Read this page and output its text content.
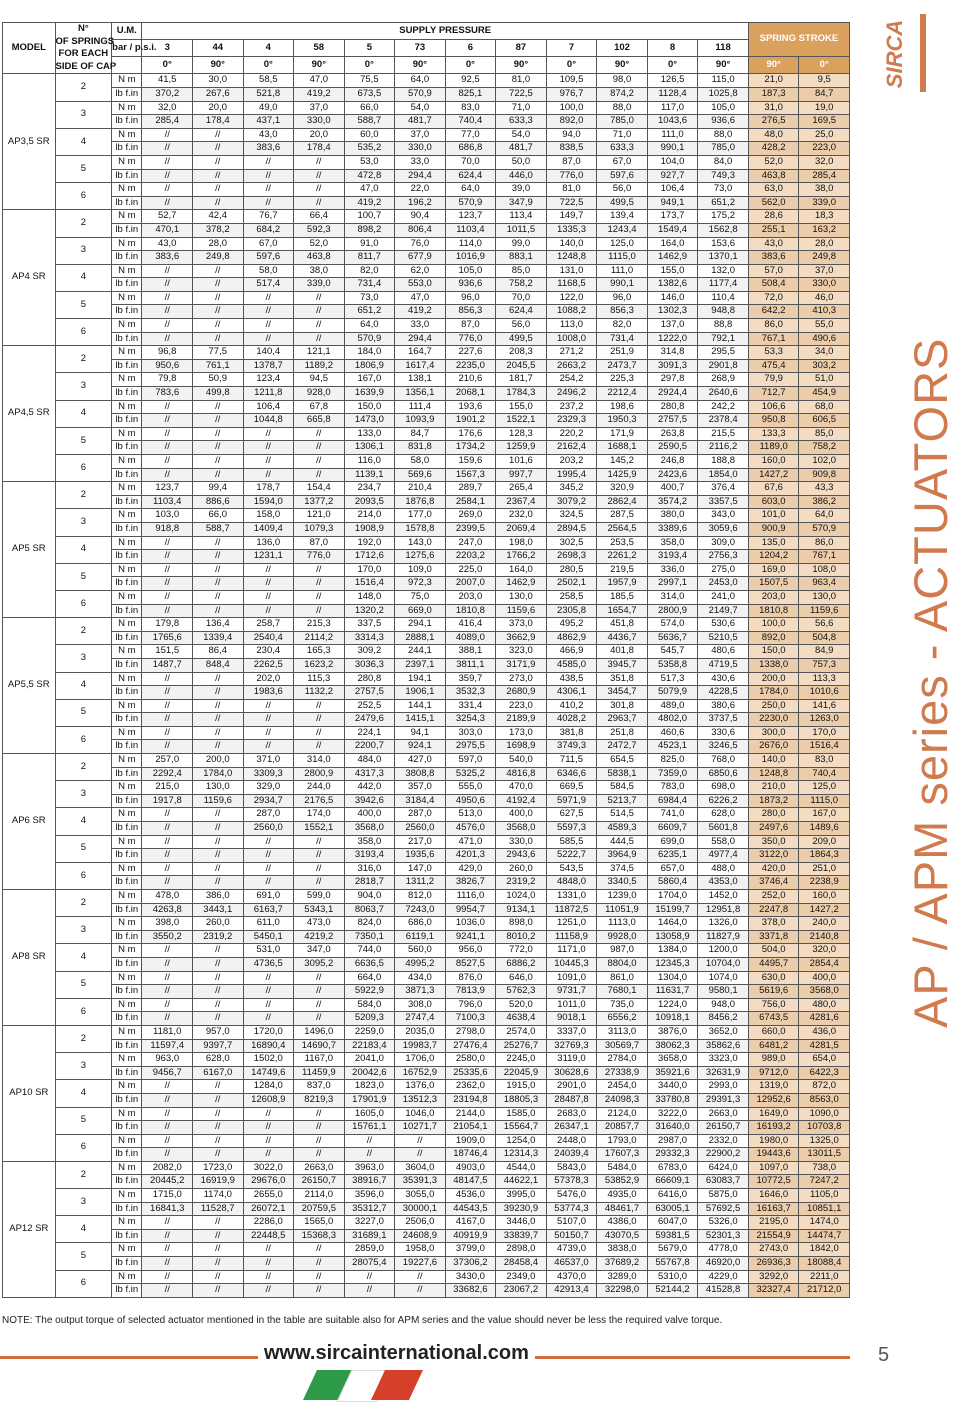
MODEL	N°
OF SPRINGS
FOR EACH
SIDE OF CAP	U.M.	SUPPLY PRESSURE												SPRING STROKE	
		bar / p.s.i.	3	44	4	58	5	73	6	87	7	102	8	118		
			0°	90°	0°	90°	0°	90°	0°	90°	0°	90°	0°	90°	90°	0°
AP3,5 SR	2	N m	41,5	30,0	58,5	47,0	75,5	64,0	92,5	81,0	109,5	98,0	126,5	115,0	21,0	9,5
		lb f.in	370,2	267,6	521,8	419,2	673,5	570,9	825,1	722,5	976,7	874,2	1128,4	1025,8	187,3	84,7
	3	N m	32,0	20,0	49,0	37,0	66,0	54,0	83,0	71,0	100,0	88,0	117,0	105,0	31,0	19,0
		lb f.in	285,4	178,4	437,1	330,0	588,7	481,7	740,4	633,3	892,0	785,0	1043,6	936,6	276,5	169,5
	4	N m	//	//	43,0	20,0	60,0	37,0	77,0	54,0	94,0	71,0	111,0	88,0	48,0	25,0
		lb f.in	//	//	383,6	178,4	535,2	330,0	686,8	481,7	838,5	633,3	990,1	785,0	428,2	223,0
	5	N m	//	//	//	//	53,0	33,0	70,0	50,0	87,0	67,0	104,0	84,0	52,0	32,0
		lb f.in	//	//	//	//	472,8	294,4	624,4	446,0	776,0	597,6	927,7	749,3	463,8	285,4
	6	N m	//	//	//	//	47,0	22,0	64,0	39,0	81,0	56,0	106,4	73,0	63,0	38,0
		lb f.in	//	//	//	//	419,2	196,2	570,9	347,9	722,5	499,5	949,1	651,2	562,0	339,0
AP4 SR	2	N m	52,7	42,4	76,7	66,4	100,7	90,4	123,7	113,4	149,7	139,4	173,7	175,2	28,6	18,3
		lb f.in	470,1	378,2	684,2	592,3	898,2	806,4	1103,4	1011,5	1335,3	1243,4	1549,4	1562,8	255,1	163,2
	3	N m	43,0	28,0	67,0	52,0	91,0	76,0	114,0	99,0	140,0	125,0	164,0	153,6	43,0	28,0
		lb f.in	383,6	249,8	597,6	463,8	811,7	677,9	1016,9	883,1	1248,8	1115,0	1462,9	1370,1	383,6	249,8
	4	N m	//	//	58,0	38,0	82,0	62,0	105,0	85,0	131,0	111,0	155,0	132,0	57,0	37,0
		lb f.in	//	//	517,4	339,0	731,4	553,0	936,6	758,2	1168,5	990,1	1382,6	1177,4	508,4	330,0
	5	N m	//	//	//	//	73,0	47,0	96,0	70,0	122,0	96,0	146,0	110,4	72,0	46,0
		lb f.in	//	//	//	//	651,2	419,2	856,3	624,4	1088,2	856,3	1302,3	948,8	642,2	410,3
	6	N m	//	//	//	//	64,0	33,0	87,0	56,0	113,0	82,0	137,0	88,8	86,0	55,0
		lb f.in	//	//	//	//	570,9	294,4	776,0	499,5	1008,0	731,4	1222,0	792,1	767,1	490,6
AP4,5 SR	2	N m	96,8	77,5	140,4	121,1	184,0	164,7	227,6	208,3	271,2	251,9	314,8	295,5	53,3	34,0
		lb f.in	950,6	761,1	1378,7	1189,2	1806,9	1617,4	2235,0	2045,5	2663,2	2473,7	3091,3	2901,8	475,4	303,2
	3	N m	79,8	50,9	123,4	94,5	167,0	138,1	210,6	181,7	254,2	225,3	297,8	268,9	79,9	51,0
		lb f.in	783,6	499,8	1211,8	928,0	1639,9	1356,1	2068,1	1784,3	2496,2	2212,4	2924,4	2640,6	712,7	454,9
	4	N m	//	//	106,4	67,8	150,0	111,4	193,6	155,0	237,2	198,6	280,8	242,2	106,6	68,0
		lb f.in	//	//	1044,8	665,8	1473,0	1093,9	1901,2	1522,1	2329,3	1950,3	2757,5	2378,4	950,8	606,5
	5	N m	//	//	//	//	133,0	84,7	176,6	128,3	220,2	171,9	263,8	215,5	133,3	85,0
		lb f.in	//	//	//	//	1306,1	831,8	1734,2	1259,9	2162,4	1688,1	2590,5	2116,2	1189,0	758,2
	6	N m	//	//	//	//	116,0	58,0	159,6	101,6	203,2	145,2	246,8	188,8	160,0	102,0
		lb f.in	//	//	//	//	1139,1	569,6	1567,3	997,7	1995,4	1425,9	2423,6	1854,0	1427,2	909,8
AP5 SR	2	N m	123,7	99,4	178,7	154,4	234,7	210,4	289,7	265,4	345,2	320,9	400,7	376,4	67,6	43,3
		lb f.in	1103,4	886,6	1594,0	1377,2	2093,5	1876,8	2584,1	2367,4	3079,2	2862,4	3574,2	3357,5	603,0	386,2
	3	N m	103,0	66,0	158,0	121,0	214,0	177,0	269,0	232,0	324,5	287,5	380,0	343,0	101,0	64,0
		lb f.in	918,8	588,7	1409,4	1079,3	1908,9	1578,8	2399,5	2069,4	2894,5	2564,5	3389,6	3059,6	900,9	570,9
	4	N m	//	//	136,0	87,0	192,0	143,0	247,0	198,0	302,5	253,5	358,0	309,0	135,0	86,0
		lb f.in	//	//	1231,1	776,0	1712,6	1275,6	2203,2	1766,2	2698,3	2261,2	3193,4	2756,3	1204,2	767,1
	5	N m	//	//	//	//	170,0	109,0	225,0	164,0	280,5	219,5	336,0	275,0	169,0	108,0
		lb f.in	//	//	//	//	1516,4	972,3	2007,0	1462,9	2502,1	1957,9	2997,1	2453,0	1507,5	963,4
	6	N m	//	//	//	//	148,0	75,0	203,0	130,0	258,5	185,5	314,0	241,0	203,0	130,0
		lb f.in	//	//	//	//	1320,2	669,0	1810,8	1159,6	2305,8	1654,7	2800,9	2149,7	1810,8	1159,6
AP5,5 SR	2	N m	179,8	136,4	258,7	215,3	337,5	294,1	416,4	373,0	495,2	451,8	574,0	530,6	100,0	56,6
		lb f.in	1765,6	1339,4	2540,4	2114,2	3314,3	2888,1	4089,0	3662,9	4862,9	4436,7	5636,7	5210,5	892,0	504,8
	3	N m	151,5	86,4	230,4	165,3	309,2	244,1	388,1	323,0	466,9	401,8	545,7	480,6	150,0	84,9
		lb f.in	1487,7	848,4	2262,5	1623,2	3036,3	2397,1	3811,1	3171,9	4585,0	3945,7	5358,8	4719,5	1338,0	757,3
	4	N m	//	//	202,0	115,3	280,8	194,1	359,7	273,0	438,5	351,8	517,3	430,6	200,0	113,3
		lb f.in	//	//	1983,6	1132,2	2757,5	1906,1	3532,3	2680,9	4306,1	3454,7	5079,9	4228,5	1784,0	1010,6
	5	N m	//	//	//	//	252,5	144,1	331,4	223,0	410,2	301,8	489,0	380,6	250,0	141,6
		lb f.in	//	//	//	//	2479,6	1415,1	3254,3	2189,9	4028,2	2963,7	4802,0	3737,5	2230,0	1263,0
	6	N m	//	//	//	//	224,1	94,1	303,0	173,0	381,8	251,8	460,6	330,6	300,0	170,0
		lb f.in	//	//	//	//	2200,7	924,1	2975,5	1698,9	3749,3	2472,7	4523,1	3246,5	2676,0	1516,4
AP6 SR	2	N m	257,0	200,0	371,0	314,0	484,0	427,0	597,0	540,0	711,5	654,5	825,0	768,0	140,0	83,0
		lb f.in	2292,4	1784,0	3309,3	2800,9	4317,3	3808,8	5325,2	4816,8	6346,6	5838,1	7359,0	6850,6	1248,8	740,4
	3	N m	215,0	130,0	329,0	244,0	442,0	357,0	555,0	470,0	669,5	584,5	783,0	698,0	210,0	125,0
		lb f.in	1917,8	1159,6	2934,7	2176,5	3942,6	3184,4	4950,6	4192,4	5971,9	5213,7	6984,4	6226,2	1873,2	1115,0
	4	N m	//	//	287,0	174,0	400,0	287,0	513,0	400,0	627,5	514,5	741,0	628,0	280,0	167,0
		lb f.in	//	//	2560,0	1552,1	3568,0	2560,0	4576,0	3568,0	5597,3	4589,3	6609,7	5601,8	2497,6	1489,6
	5	N m	//	//	//	//	358,0	217,0	471,0	330,0	585,5	444,5	699,0	558,0	350,0	209,0
		lb f.in	//	//	//	//	3193,4	1935,6	4201,3	2943,6	5222,7	3964,9	6235,1	4977,4	3122,0	1864,3
	6	N m	//	//	//	//	316,0	147,0	429,0	260,0	543,5	374,5	657,0	488,0	420,0	251,0
		lb f.in	//	//	//	//	2818,7	1311,2	3826,7	2319,2	4848,0	3340,5	5860,4	4353,0	3746,4	2238,9
AP8 SR	2	N m	478,0	386,0	691,0	599,0	904,0	812,0	1116,0	1024,0	1331,0	1239,0	1704,0	1452,0	252,0	160,0
		lb f.in	4263,8	3443,1	6163,7	5343,1	8063,7	7243,0	9954,7	9134,1	11872,5	11051,9	15199,7	12951,8	2247,8	1427,2
	3	N m	398,0	260,0	611,0	473,0	824,0	686,0	1036,0	898,0	1251,0	1113,0	1464,0	1326,0	378,0	240,0
		lb f.in	3550,2	2319,2	5450,1	4219,2	7350,1	6119,1	9241,1	8010,2	11158,9	9928,0	13058,9	11827,9	3371,8	2140,8
	4	N m	//	//	531,0	347,0	744,0	560,0	956,0	772,0	1171,0	987,0	1384,0	1200,0	504,0	320,0
		lb f.in	//	//	4736,5	3095,2	6636,5	4995,2	8527,5	6886,2	10445,3	8804,0	12345,3	10704,0	4495,7	2854,4
	5	N m	//	//	//	//	664,0	434,0	876,0	646,0	1091,0	861,0	1304,0	1074,0	630,0	400,0
		lb f.in	//	//	//	//	5922,9	3871,3	7813,9	5762,3	9731,7	7680,1	11631,7	9580,1	5619,6	3568,0
	6	N m	//	//	//	//	584,0	308,0	796,0	520,0	1011,0	735,0	1224,0	948,0	756,0	480,0
		lb f.in	//	//	//	//	5209,3	2747,4	7100,3	4638,4	9018,1	6556,2	10918,1	8456,2	6743,5	4281,6
AP10 SR	2	N m	1181,0	957,0	1720,0	1496,0	2259,0	2035,0	2798,0	2574,0	3337,0	3113,0	3876,0	3652,0	660,0	436,0
		lb f.in	11597,4	9397,7	16890,4	14690,7	22183,4	19983,7	27476,4	25276,7	32769,3	30569,7	38062,3	35862,6	6481,2	4281,5
	3	N m	963,0	628,0	1502,0	1167,0	2041,0	1706,0	2580,0	2245,0	3119,0	2784,0	3658,0	3323,0	989,0	654,0
		lb f.in	9456,7	6167,0	14749,6	11459,9	20042,6	16752,9	25335,6	22045,9	30628,6	27338,9	35921,6	32631,9	9712,0	6422,3
	4	N m	//	//	1284,0	837,0	1823,0	1376,0	2362,0	1915,0	2901,0	2454,0	3440,0	2993,0	1319,0	872,0
		lb f.in	//	//	12608,9	8219,3	17901,9	13512,3	23194,8	18805,3	28487,8	24098,3	33780,8	29391,3	12952,6	8563,0
	5	N m	//	//	//	//	1605,0	1046,0	2144,0	1585,0	2683,0	2124,0	3222,0	2663,0	1649,0	1090,0
		lb f.in	//	//	//	//	15761,1	10271,7	21054,1	15564,7	26347,1	20857,7	31640,0	26150,7	16193,2	10703,8
	6	N m	//	//	//	//	//	//	1909,0	1254,0	2448,0	1793,0	2987,0	2332,0	1980,0	1325,0
		lb f.in	//	//	//	//	//	//	18746,4	12314,3	24039,4	17607,3	29332,3	22900,2	19443,6	13011,5
AP12 SR	2	N m	2082,0	1723,0	3022,0	2663,0	3963,0	3604,0	4903,0	4544,0	5843,0	5484,0	6783,0	6424,0	1097,0	738,0
		lb f.in	20445,2	16919,9	29676,0	26150,7	38916,7	35391,3	48147,5	44622,1	57378,3	53852,9	66609,1	63083,7	10772,5	7247,2
	3	N m	1715,0	1174,0	2655,0	2114,0	3596,0	3055,0	4536,0	3995,0	5476,0	4935,0	6416,0	5875,0	1646,0	1105,0
		lb f.in	16841,3	11528,7	26072,1	20759,5	35312,7	30000,1	44543,5	39230,9	53774,3	48461,7	63005,1	57692,5	16163,7	10851,1
	4	N m	//	//	2286,0	1565,0	3227,0	2506,0	4167,0	3446,0	5107,0	4386,0	6047,0	5326,0	2195,0	1474,0
		lb f.in	//	//	22448,5	15368,3	31689,1	24608,9	40919,9	33839,7	50150,7	43070,5	59381,5	52301,3	21554,9	14474,7
	5	N m	//	//	//	//	2859,0	1958,0	3799,0	2898,0	4739,0	3838,0	5679,0	4778,0	2743,0	1842,0
		lb f.in	//	//	//	//	28075,4	19227,6	37306,2	28458,4	46537,0	37689,2	55767,8	46920,0	26936,3	18088,4
	6	N m	//	//	//	//	//	//	3430,0	2349,0	4370,0	3289,0	5310,0	4229,0	3292,0	2211,0
		lb f.in	//	//	//	//	//	//	33682,6	23067,2	42913,4	32298,0	52144,2	41528,8	32327,4	21712,0
NOTE: The output torque of selected actuator mentioned in the table are suitable also for APM series and the value should never be less the required valve torque.
www.sircainternational.com	5
SIRCA
AP / APM series - ACTUATORS
